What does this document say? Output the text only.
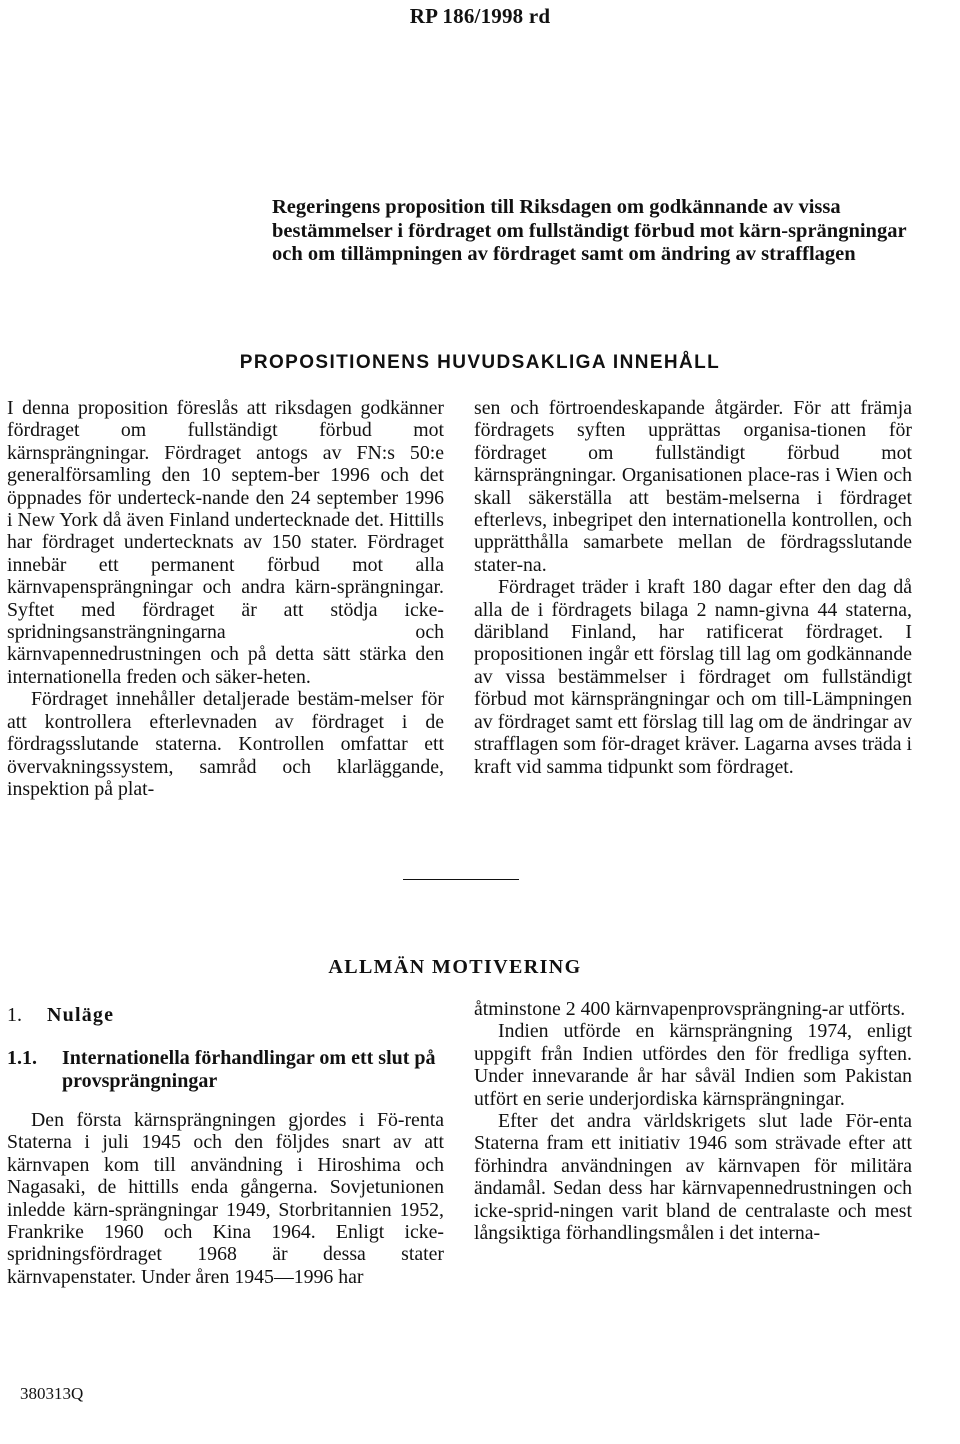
RP 186/1998 rd
Regeringens proposition till Riksdagen om godkännande av vissa bestämmelser i fördraget om fullständigt förbud mot kärn-sprängningar och om tillämpningen av fördraget samt om ändring av strafflagen
PROPOSITIONENS HUVUDSAKLIGA INNEHÅLL

I denna proposition föreslås att riksdagen godkänner fördraget om fullständigt förbud mot kärnsprängningar. Fördraget antogs av FN:s 50:e generalförsamling den 10 septem-ber 1996 och det öppnades för underteck-nande den 24 september 1996 i New York då även Finland undertecknade det. Hittills har fördraget undertecknats av 150 stater. Fördraget innebär ett permanent förbud mot alla kärnvapensprängningar och andra kärn-sprängningar. Syftet med fördraget är att stödja icke-spridningsansträngningarna och kärnvapennedrustningen och på detta sätt stärka den internationella freden och säker-heten.

Fördraget innehåller detaljerade bestäm-melser för att kontrollera efterlevnaden av fördraget i de fördragsslutande staterna. Kontrollen omfattar ett övervakningssystem, samråd och klarläggande, inspektion på plat-

sen och förtroendeskapande åtgärder. För att främja fördragets syften upprättas organisa-tionen för fördraget om fullständigt förbud mot kärnsprängningar. Organisationen place-ras i Wien och skall säkerställa att bestäm-melserna i fördraget efterlevs, inbegripet den internationella kontrollen, och upprätthålla samarbete mellan de fördragsslutande stater-na.

Fördraget träder i kraft 180 dagar efter den dag då alla de i fördragets bilaga 2 namn-givna 44 staterna, däribland Finland, har ratificerat fördraget. I propositionen ingår ett förslag till lag om godkännande av vissa bestämmelser i fördraget om fullständigt förbud mot kärnsprängningar och om till-Lämpningen av fördraget samt ett förslag till lag om de ändringar av strafflagen som för-draget kräver. Lagarna avses träda i kraft vid samma tidpunkt som fördraget.

ALLMÄN MOTIVERING
1. Nuläge
1.1.	Internationella förhandlingar om ett slut på provsprängningar

Den första kärnsprängningen gjordes i Fö-renta Staterna i juli 1945 och den följdes snart av att kärnvapen kom till användning i Hiroshima och Nagasaki, de hittills enda gångerna. Sovjetunionen inledde kärn-sprängningar 1949, Storbritannien 1952, Frankrike 1960 och Kina 1964. Enligt icke-spridningsfördraget 1968 är dessa stater kärnvapenstater. Under åren 1945—1996 har

åtminstone 2 400 kärnvapenprovsprängning-ar utförts.

Indien utförde en kärnsprängning 1974, enligt uppgift från Indien utfördes den för fredliga syften. Under innevarande år har såväl Indien som Pakistan utfört en serie underjordiska kärnsprängningar.

Efter det andra världskrigets slut lade För-enta Staterna fram ett initiativ 1946 som strävade efter att förhindra användningen av kärnvapen för militära ändamål. Sedan dess har kärnvapennedrustningen och icke-sprid-ningen varit bland de centralaste och mest långsiktiga förhandlingsmålen i det interna-

380313Q
